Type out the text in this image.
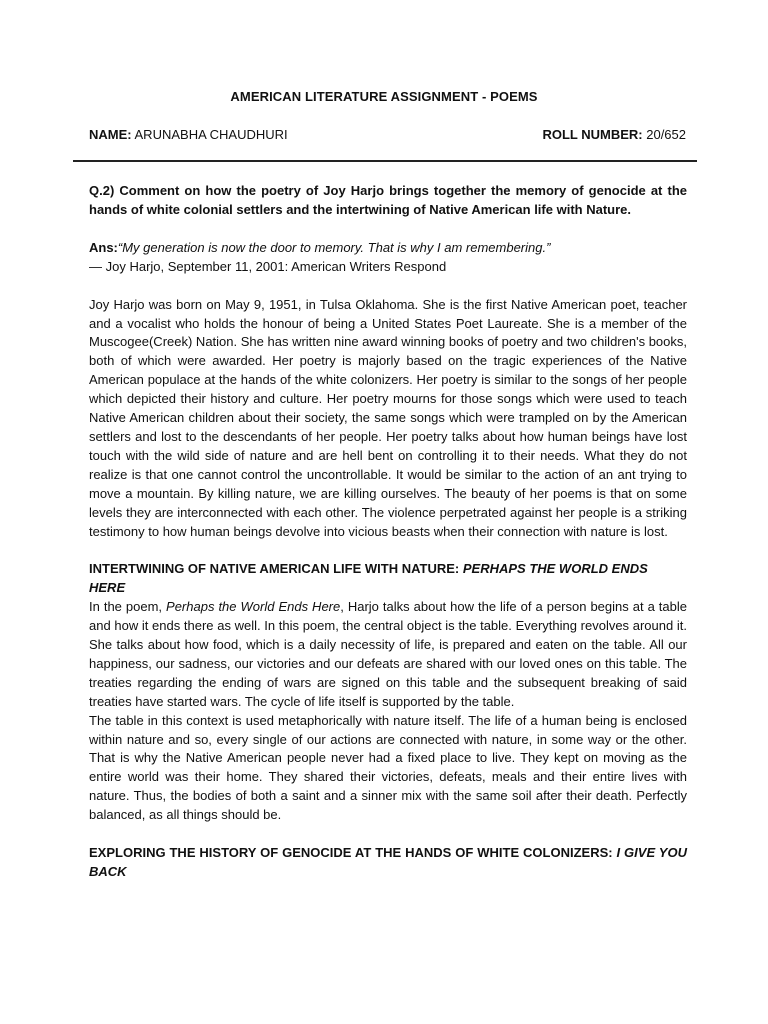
AMERICAN LITERATURE ASSIGNMENT - POEMS
NAME: ARUNABHA CHAUDHURI	ROLL NUMBER: 20/652

Q.2) Comment on how the poetry of Joy Harjo brings together the memory of genocide at the hands of white colonial settlers and the intertwining of Native American life with Nature.

Ans:“My generation is now the door to memory. That is why I am remembering.”

— Joy Harjo, September 11, 2001: American Writers Respond

Joy Harjo was born on May 9, 1951, in Tulsa Oklahoma. She is the first Native American poet, teacher and a vocalist who holds the honour of being a United States Poet Laureate. She is a member of the Muscogee(Creek) Nation. She has written nine award winning books of poetry and two children's books, both of which were awarded. Her poetry is majorly based on the tragic experiences of the Native American populace at the hands of the white colonizers. Her poetry is similar to the songs of her people which depicted their history and culture. Her poetry mourns for those songs which were used to teach Native American children about their society, the same songs which were trampled on by the American settlers and lost to the descendants of her people. Her poetry talks about how human beings have lost touch with the wild side of nature and are hell bent on controlling it to their needs. What they do not realize is that one cannot control the uncontrollable. It would be similar to the action of an ant trying to move a mountain. By killing nature, we are killing ourselves. The beauty of her poems is that on some levels they are interconnected with each other. The violence perpetrated against her people is a striking testimony to how human beings devolve into vicious beasts when their connection with nature is lost.

INTERTWINING OF NATIVE AMERICAN LIFE WITH NATURE: PERHAPS THE WORLD ENDS HERE

In the poem, Perhaps the World Ends Here, Harjo talks about how the life of a person begins at a table and how it ends there as well. In this poem, the central object is the table. Everything revolves around it. She talks about how food, which is a daily necessity of life, is prepared and eaten on the table. All our happiness, our sadness, our victories and our defeats are shared with our loved ones on this table. The treaties regarding the ending of wars are signed on this table and the subsequent breaking of said treaties have started wars. The cycle of life itself is supported by the table.

The table in this context is used metaphorically with nature itself. The life of a human being is enclosed within nature and so, every single of our actions are connected with nature, in some way or the other. That is why the Native American people never had a fixed place to live. They kept on moving as the entire world was their home. They shared their victories, defeats, meals and their entire lives with nature. Thus, the bodies of both a saint and a sinner mix with the same soil after their death. Perfectly balanced, as all things should be.

EXPLORING THE HISTORY OF GENOCIDE AT THE HANDS OF WHITE COLONIZERS: I GIVE YOU BACK
